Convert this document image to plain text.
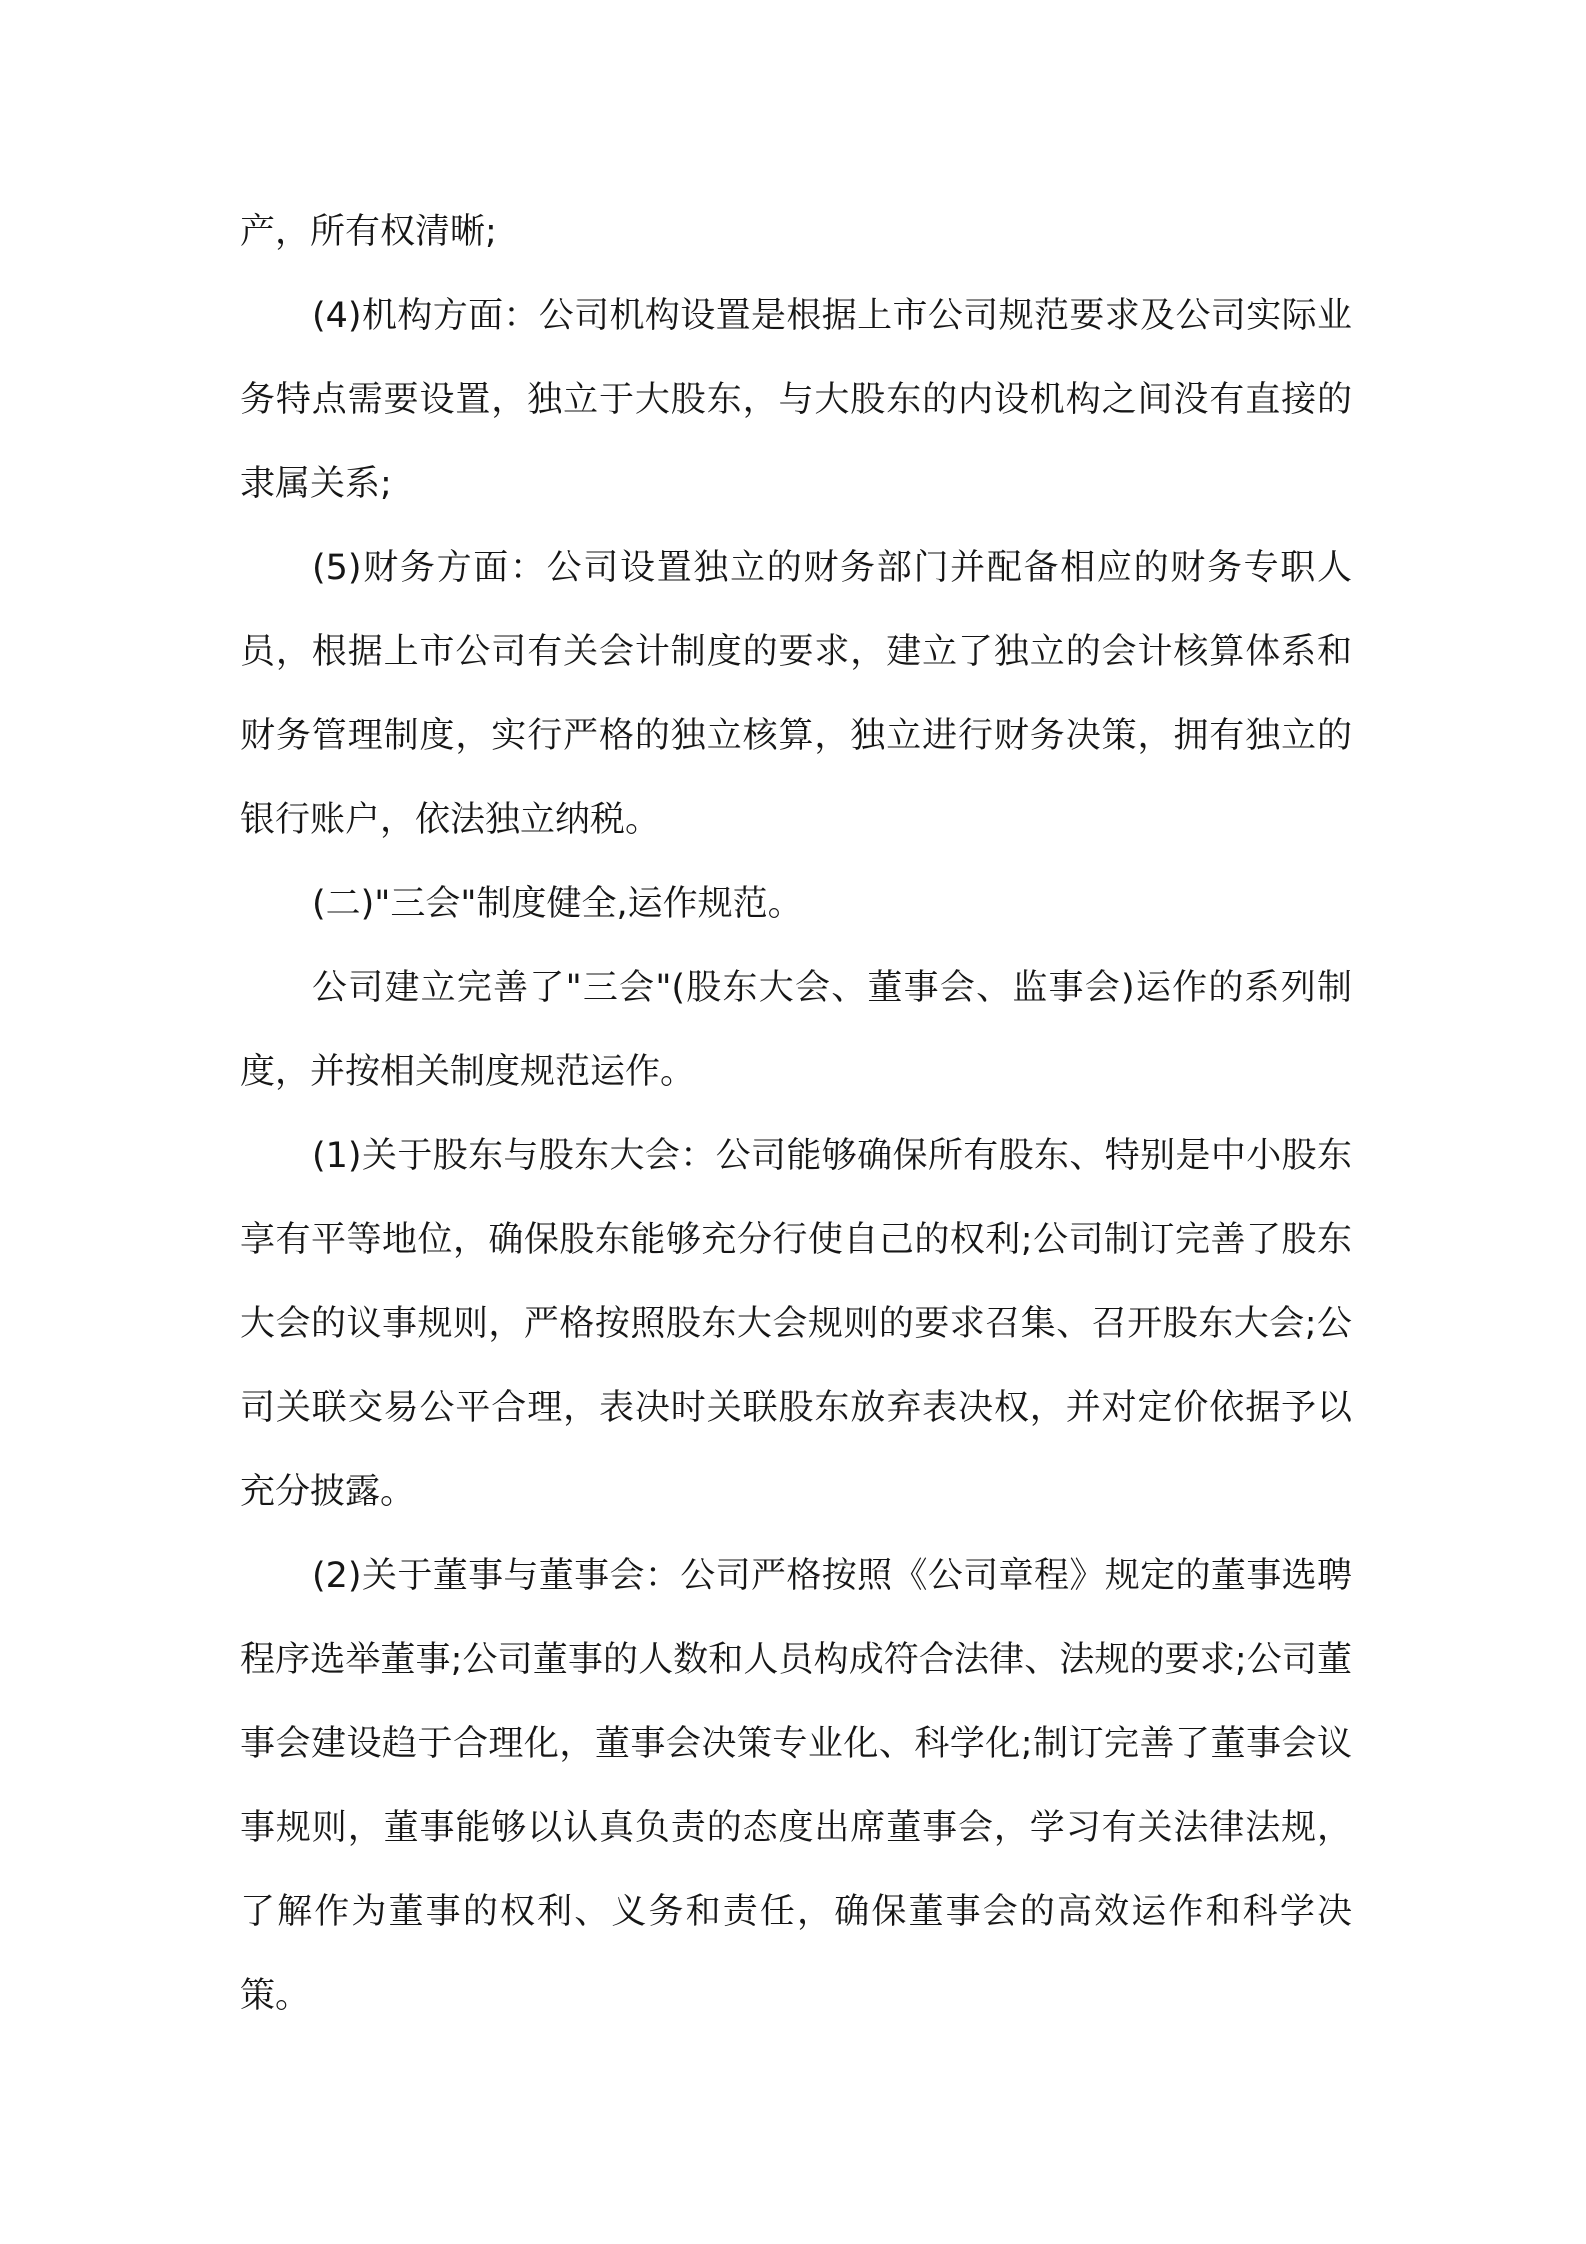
产，所有权清晰;

(4)机构方面：公司机构设置是根据上市公司规范要求及公司实际业务特点需要设置，独立于大股东，与大股东的内设机构之间没有直接的隶属关系;

(5)财务方面：公司设置独立的财务部门并配备相应的财务专职人员，根据上市公司有关会计制度的要求，建立了独立的会计核算体系和财务管理制度，实行严格的独立核算，独立进行财务决策，拥有独立的银行账户，依法独立纳税。

(二)"三会"制度健全,运作规范。

公司建立完善了"三会"(股东大会、董事会、监事会)运作的系列制度，并按相关制度规范运作。

(1)关于股东与股东大会：公司能够确保所有股东、特别是中小股东享有平等地位，确保股东能够充分行使自己的权利;公司制订完善了股东大会的议事规则，严格按照股东大会规则的要求召集、召开股东大会;公司关联交易公平合理，表决时关联股东放弃表决权，并对定价依据予以充分披露。

(2)关于董事与董事会：公司严格按照《公司章程》规定的董事选聘程序选举董事;公司董事的人数和人员构成符合法律、法规的要求;公司董事会建设趋于合理化，董事会决策专业化、科学化;制订完善了董事会议事规则，董事能够以认真负责的态度出席董事会，学习有关法律法规，了解作为董事的权利、义务和责任，确保董事会的高效运作和科学决策。
